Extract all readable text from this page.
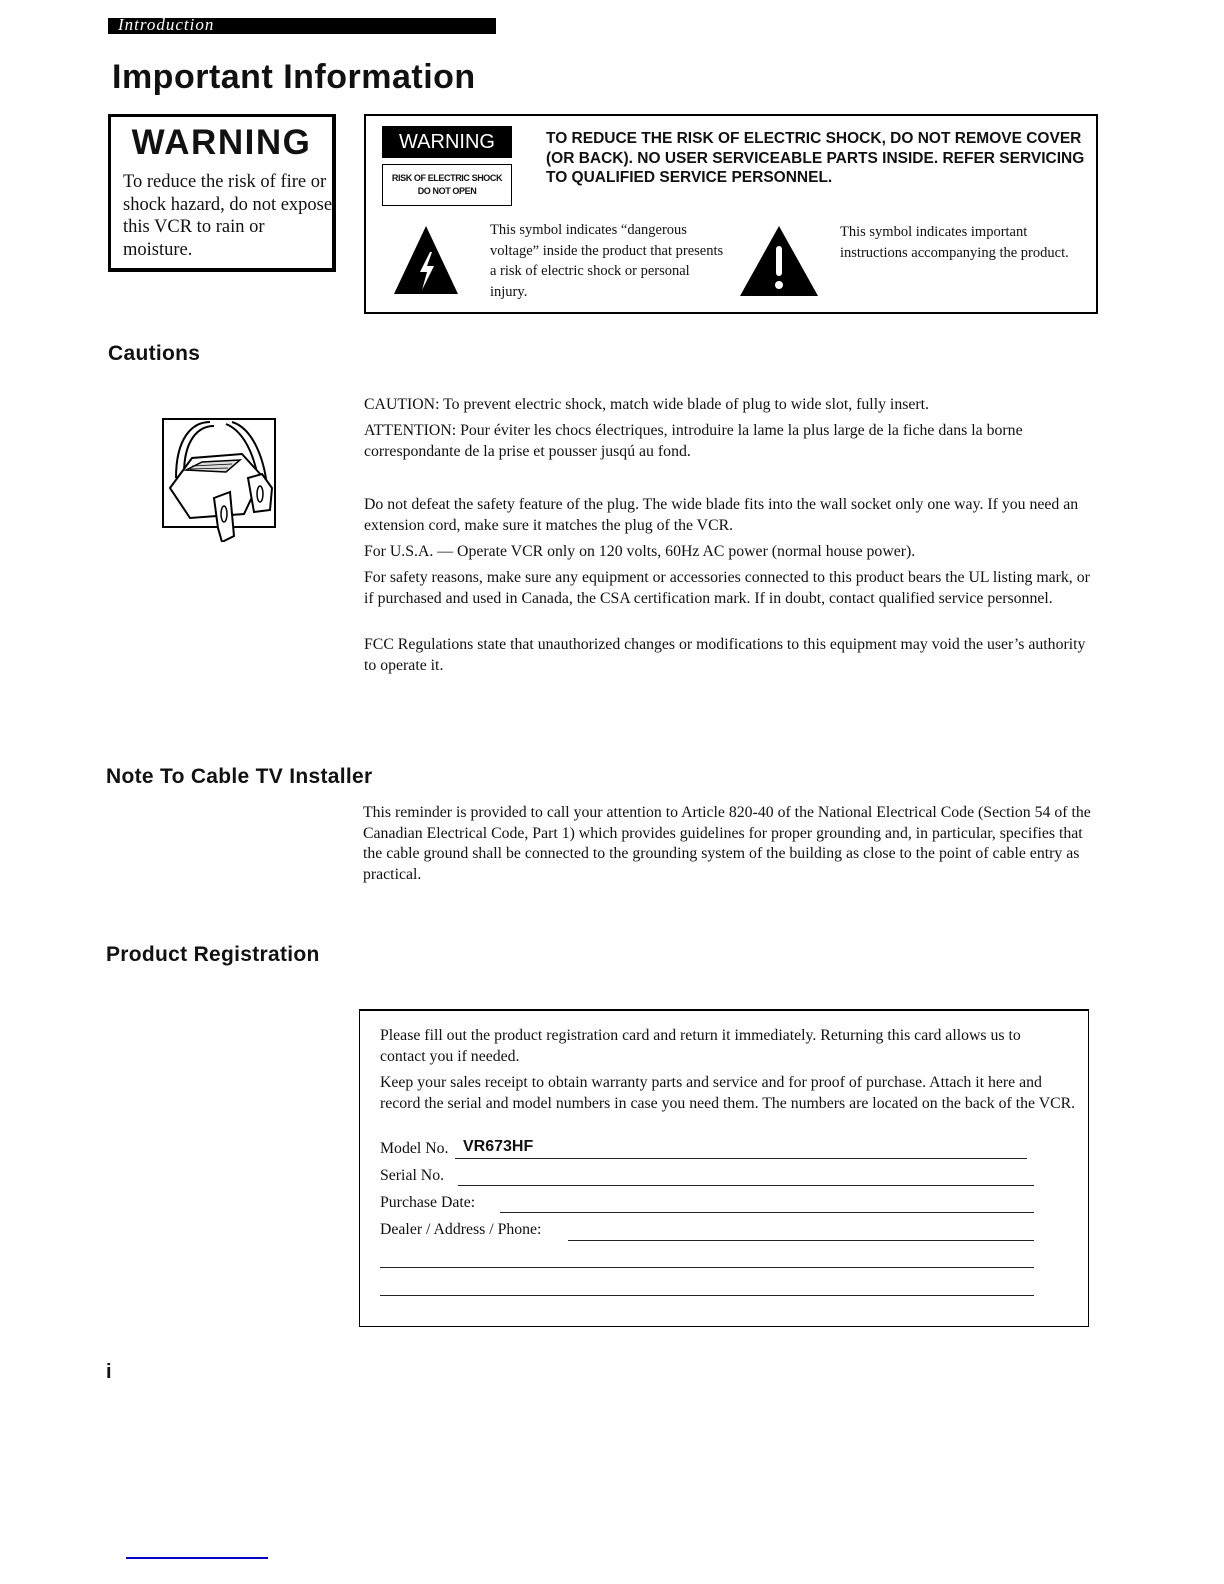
Introduction
Important Information
WARNING
To reduce the risk of fire or shock hazard, do not expose this VCR to rain or moisture.
WARNING
RISK OF ELECTRIC SHOCK
DO NOT OPEN
TO REDUCE THE RISK OF ELECTRIC SHOCK, DO NOT REMOVE COVER (OR BACK). NO USER SERVICEABLE PARTS INSIDE. REFER SERVICING TO QUALIFIED SERVICE PERSONNEL.
This symbol indicates “dangerous voltage” inside the product that presents a risk of electric shock or personal injury.
This symbol indicates important instructions accompanying the product.
Cautions
CAUTION: To prevent electric shock, match wide blade of plug to wide slot, fully insert.
ATTENTION: Pour éviter les chocs électriques, introduire la lame la plus large de la fiche dans la borne correspondante de la prise et pousser jusqú au fond.
Do not defeat the safety feature of the plug. The wide blade fits into the wall socket only one way. If you need an extension cord, make sure it matches the plug of the VCR.
For U.S.A. — Operate VCR only on 120 volts, 60Hz AC power (normal house power).
For safety reasons, make sure any equipment or accessories connected to this product bears the UL listing mark, or if purchased and used in Canada, the CSA certification mark. If in doubt, contact qualified service personnel.
FCC Regulations state that unauthorized changes or modifications to this equipment may void the user’s authority to operate it.
Note To Cable TV Installer
This reminder is provided to call your attention to Article 820-40 of the National Electrical Code (Section 54 of the Canadian Electrical Code, Part 1) which provides guidelines for proper grounding and, in particular, specifies that the cable ground shall be connected to the grounding system of the building as close to the point of cable entry as practical.
Product Registration
Please fill out the product registration card and return it immediately. Returning this card allows us to contact you if needed.
Keep your sales receipt to obtain warranty parts and service and for proof of purchase. Attach it here and record the serial and model numbers in case you need them. The numbers are located on the back of the VCR.
Model No. VR673HF
Serial No.
Purchase Date:
Dealer / Address / Phone:
i
